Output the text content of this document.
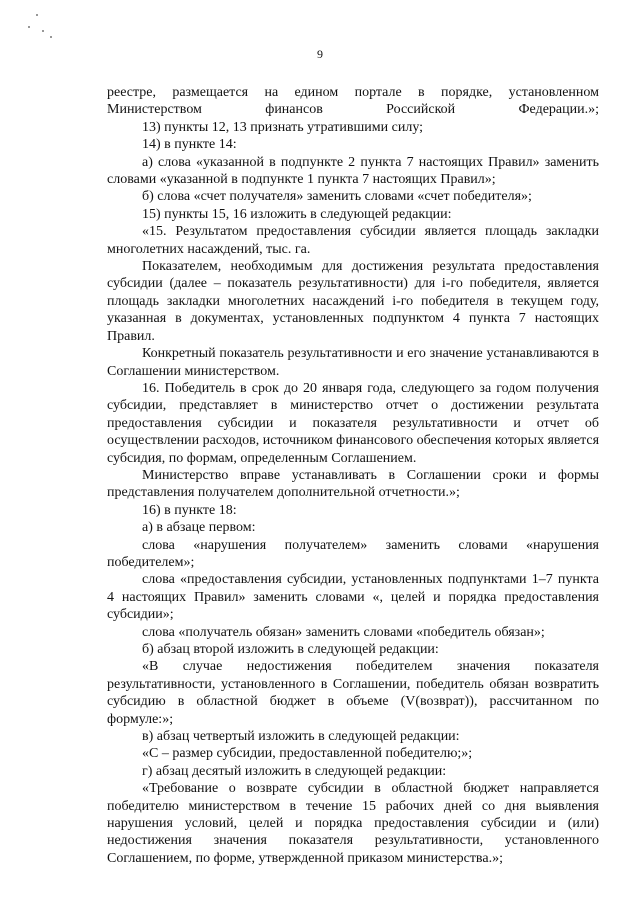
9

реестре, размещается на едином портале в порядке, установленном Министерством финансов Российской Федерации.»;

13) пункты 12, 13 признать утратившими силу;

14) в пункте 14:

а) слова «указанной в подпункте 2 пункта 7 настоящих Правил» заменить словами «указанной в подпункте 1 пункта 7 настоящих Правил»;

б) слова «счет получателя» заменить словами «счет победителя»;

15) пункты 15, 16 изложить в следующей редакции:

«15. Результатом предоставления субсидии является площадь закладки многолетних насаждений, тыс. га.

Показателем, необходимым для достижения результата предоставления субсидии (далее – показатель результативности) для i-го победителя, является площадь закладки многолетних насаждений i-го победителя в текущем году, указанная в документах, установленных подпунктом 4 пункта 7 настоящих Правил.

Конкретный показатель результативности и его значение устанавливаются в Соглашении министерством.

16. Победитель в срок до 20 января года, следующего за годом получения субсидии, представляет в министерство отчет о достижении результата предоставления субсидии и показателя результативности и отчет об осуществлении расходов, источником финансового обеспечения которых является субсидия, по формам, определенным Соглашением.

Министерство вправе устанавливать в Соглашении сроки и формы представления получателем дополнительной отчетности.»;

16) в пункте 18:

а) в абзаце первом:

слова «нарушения получателем» заменить словами «нарушения победителем»;

слова «предоставления субсидии, установленных подпунктами 1–7 пункта 4 настоящих Правил» заменить словами «, целей и порядка предоставления субсидии»;

слова «получатель обязан» заменить словами «победитель обязан»;

б) абзац второй изложить в следующей редакции:

«В случае недостижения победителем значения показателя результативности, установленного в Соглашении, победитель обязан возвратить субсидию в областной бюджет в объеме (V(возврат)), рассчитанном по формуле:»;

в) абзац четвертый изложить в следующей редакции:

«С – размер субсидии, предоставленной победителю;»;

г) абзац десятый изложить в следующей редакции:

«Требование о возврате субсидии в областной бюджет направляется победителю министерством в течение 15 рабочих дней со дня выявления нарушения условий, целей и порядка предоставления субсидии и (или) недостижения значения показателя результативности, установленного Соглашением, по форме, утвержденной приказом министерства.»;
